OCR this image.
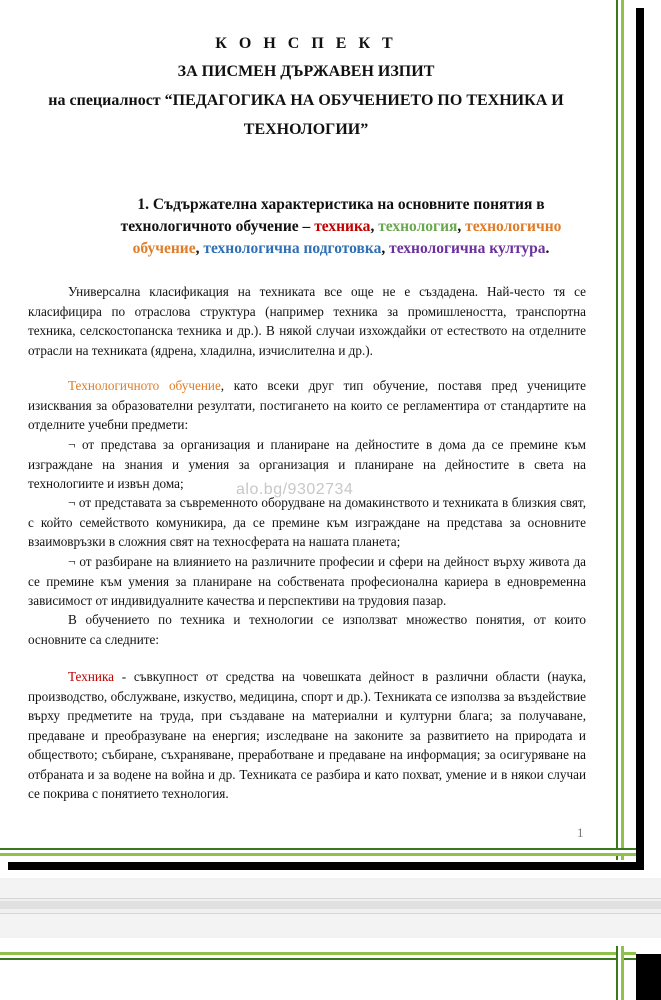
К О Н С П Е К Т

ЗА ПИСМЕН ДЪРЖАВЕН ИЗПИТ

на специалност “ПЕДАГОГИКА НА ОБУЧЕНИЕТО ПО ТЕХНИКА И

ТЕХНОЛОГИИ”

1. Съдържателна характеристика на основните понятия в технологичното обучение – техника, технология, технологично обучение, технологична подготовка, технологична култура.

Универсална класификация на техниката все още не е създадена. Най-често тя се класифицира по отраслова структура (например техника за промишлеността, транспортна техника, селскостопанска техника и др.). В някой случаи изхождайки от естеството на отделните отрасли на техниката (ядрена, хладилна, изчислителна и др.).

Технологичното обучение, като всеки друг тип обучение, поставя пред учениците изисквания за образователни резултати, постигането на които се регламентира от стандартите на отделните учебни предмети:

¬ от представа за организация и планиране на дейностите в дома да се премине към изграждане на знания и умения за организация и планиране на дейностите в света на технологиите и извън дома;

¬ от представата за съвременното оборудване на домакинството и техниката в близкия свят, с който семейството комуникира, да се премине към изграждане на представа за основните взаимовръзки в сложния свят на техносферата на нашата планета;

¬ от разбиране на влиянието на различните професии и сфери на дейност върху живота да се премине към умения за планиране на собствената професионална кариера в едновременна зависимост от индивидуалните качества и перспективи на трудовия пазар.

В обучението по техника и технологии се използват множество понятия, от които основните са следните:

Техника - съвкупност от средства на човешката дейност в различни области (наука, производство, обслужване, изкуство, медицина, спорт и др.). Техниката се използва за въздействие върху предметите на труда, при създаване на материални и културни блага; за получаване, предаване и преобразуване на енергия; изследване на законите за развитието на природата и обществото; събиране, съхраняване, преработване и предаване на информация; за осигуряване на отбраната и за водене на война и др. Техниката се разбира и като похват, умение и в някои случаи се покрива с понятието технология.

alo.bg/9302734
1
